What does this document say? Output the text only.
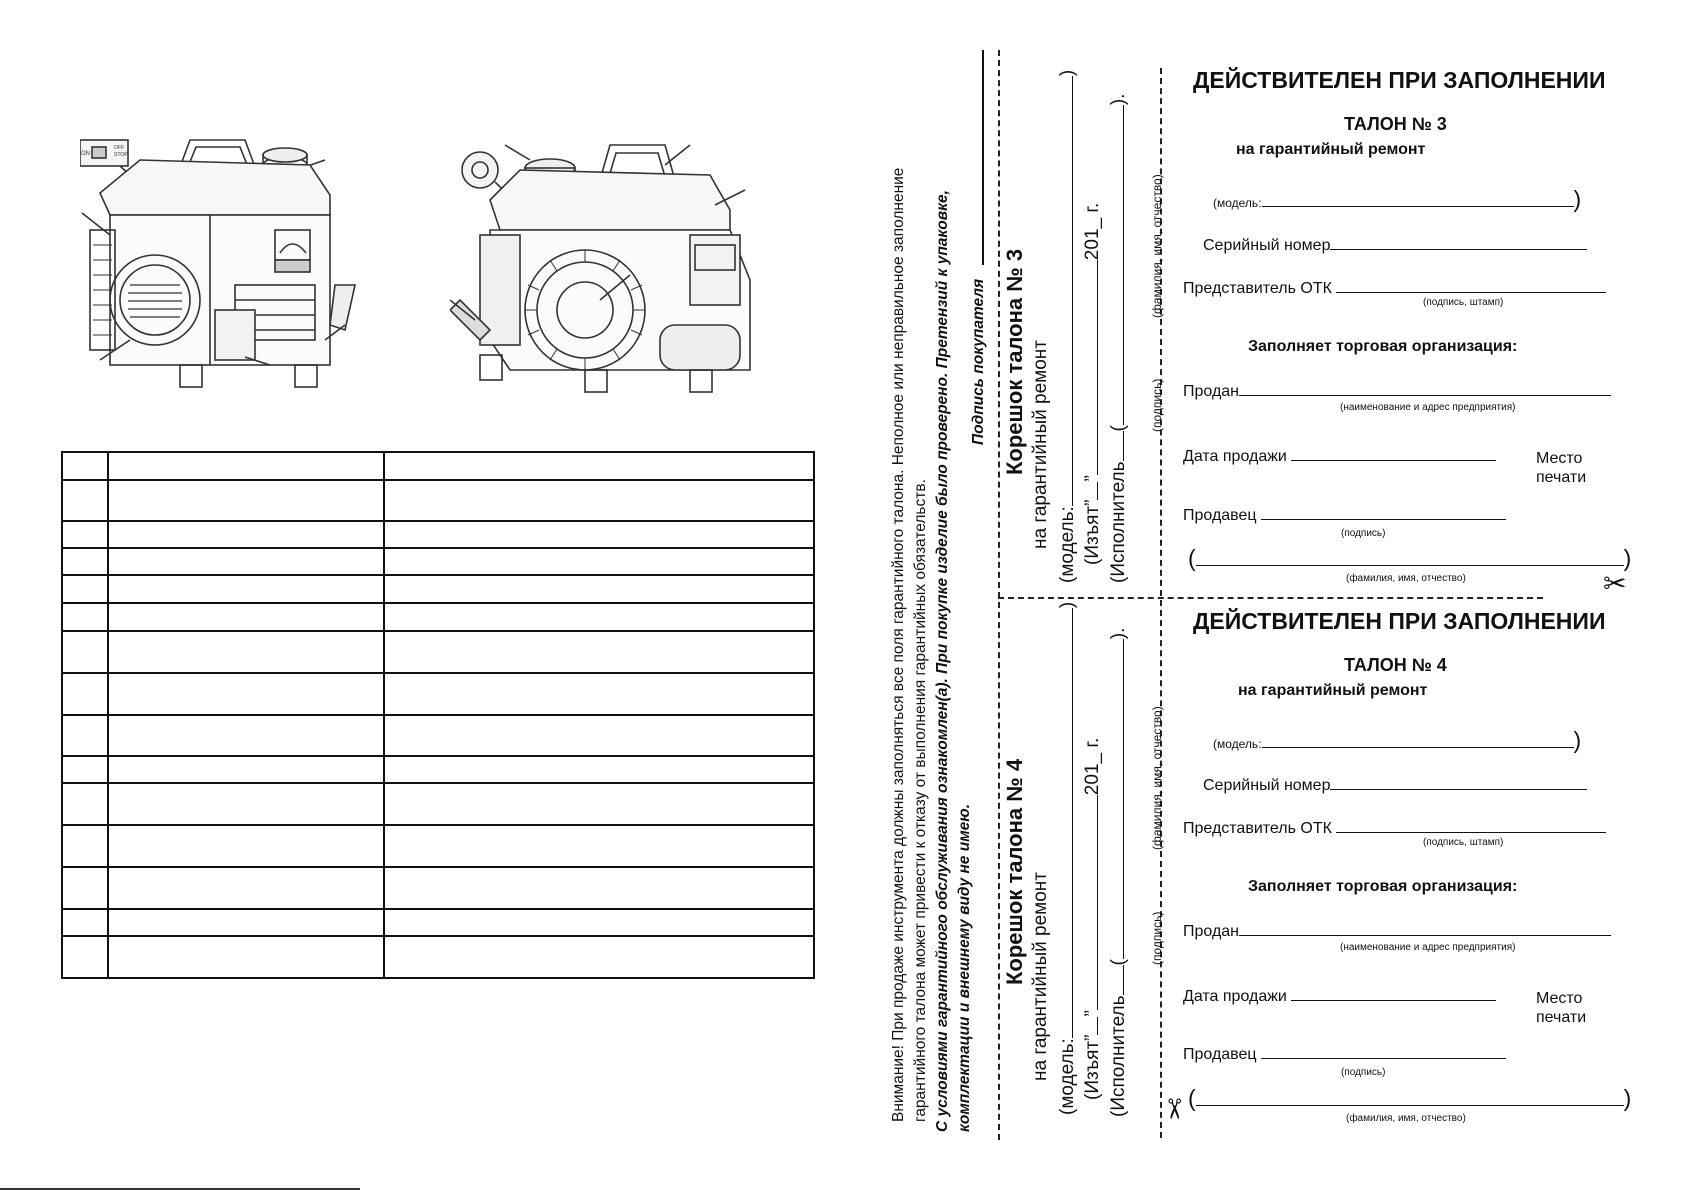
ON
OFF
STOP

Внимание! При продаже инструмента должны заполняться все поля гарантийного талона. Неполное или неправильное заполнение гарантийного талона может привести к отказу от выполнения гарантийных обязательств. С условиями гарантийного обслуживания ознакомлен(а). При покупке изделие было проверено. Претензий к упаковке, комплектации и внешнему виду не имею.
Подпись покупателя Корешок талона № 3 на гарантийный ремонт (модель:)
(Изъят””201_ г.
(Исполнитель().
(подпись)
(фамилия, имя, отчество)
Корешок талона № 4 на гарантийный ремонт (модель:)
(Изъят””201_ г.
(Исполнитель().
(подпись)
(фамилия, имя, отчество)
ДЕЙСТВИТЕЛЕН ПРИ ЗАПОЛНЕНИИ
ТАЛОН № 3
на гарантийный ремонт
(модель:	)
Серийный номер
Представитель ОТК
(подпись, штамп)
Заполняет торговая организация:
Продан
(наименование и адрес предприятия)
Дата продажи	Место
печати
Продавец
(подпись)
(	)
(фамилия, имя, отчество)	✂
ДЕЙСТВИТЕЛЕН ПРИ ЗАПОЛНЕНИИ
ТАЛОН № 4
на гарантийный ремонт
(модель:	)
Серийный номер
Представитель ОТК
(подпись, штамп)
Заполняет торговая организация:
Продан
(наименование и адрес предприятия)
Дата продажи	Место
печати
Продавец
(подпись)
(	)
(фамилия, имя, отчество)
✂
